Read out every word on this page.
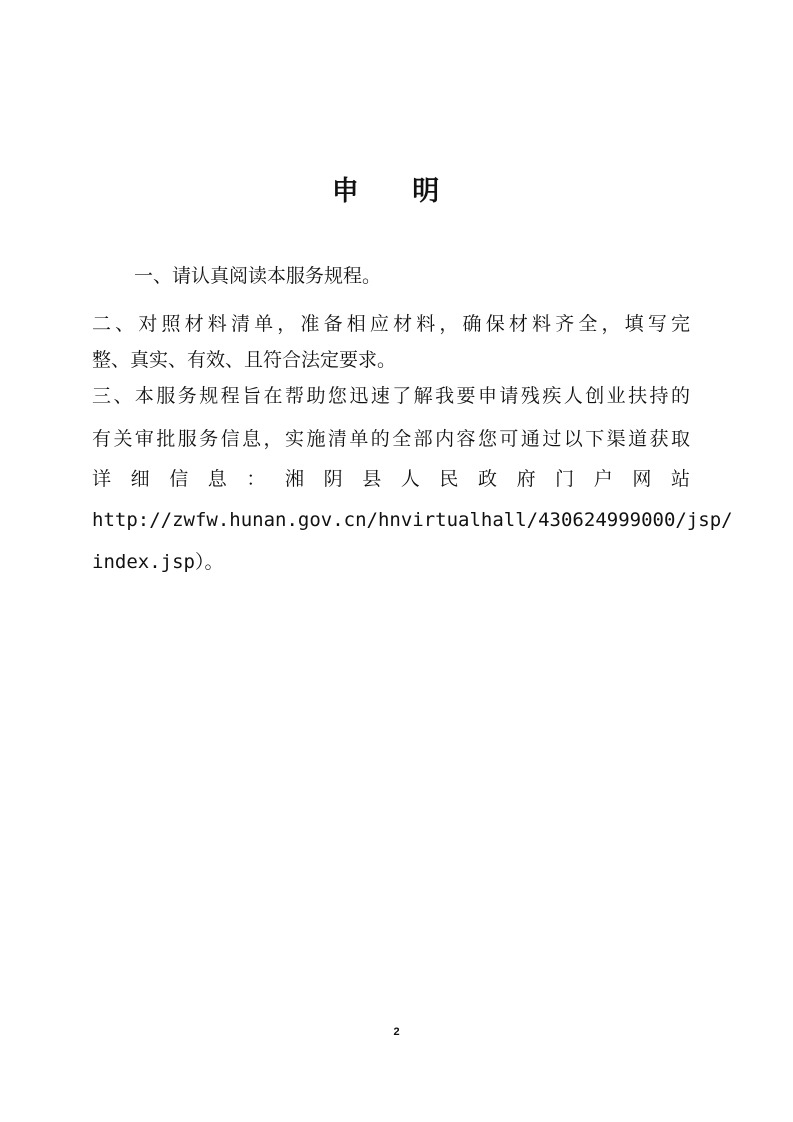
申 明
一、请认真阅读本服务规程。
二、对照材料清单，准备相应材料，确保材料齐全，填写完
整、真实、有效、且符合法定要求。
三、本服务规程旨在帮助您迅速了解我要申请残疾人创业扶持的
有关审批服务信息，实施清单的全部内容您可通过以下渠道获取
详 细 信 息 ： 湘 阴 县 人 民 政 府 门 户 网 站
http://zwfw.hunan.gov.cn/hnvirtualhall/430624999000/jsp/
index.jsp）。
2
